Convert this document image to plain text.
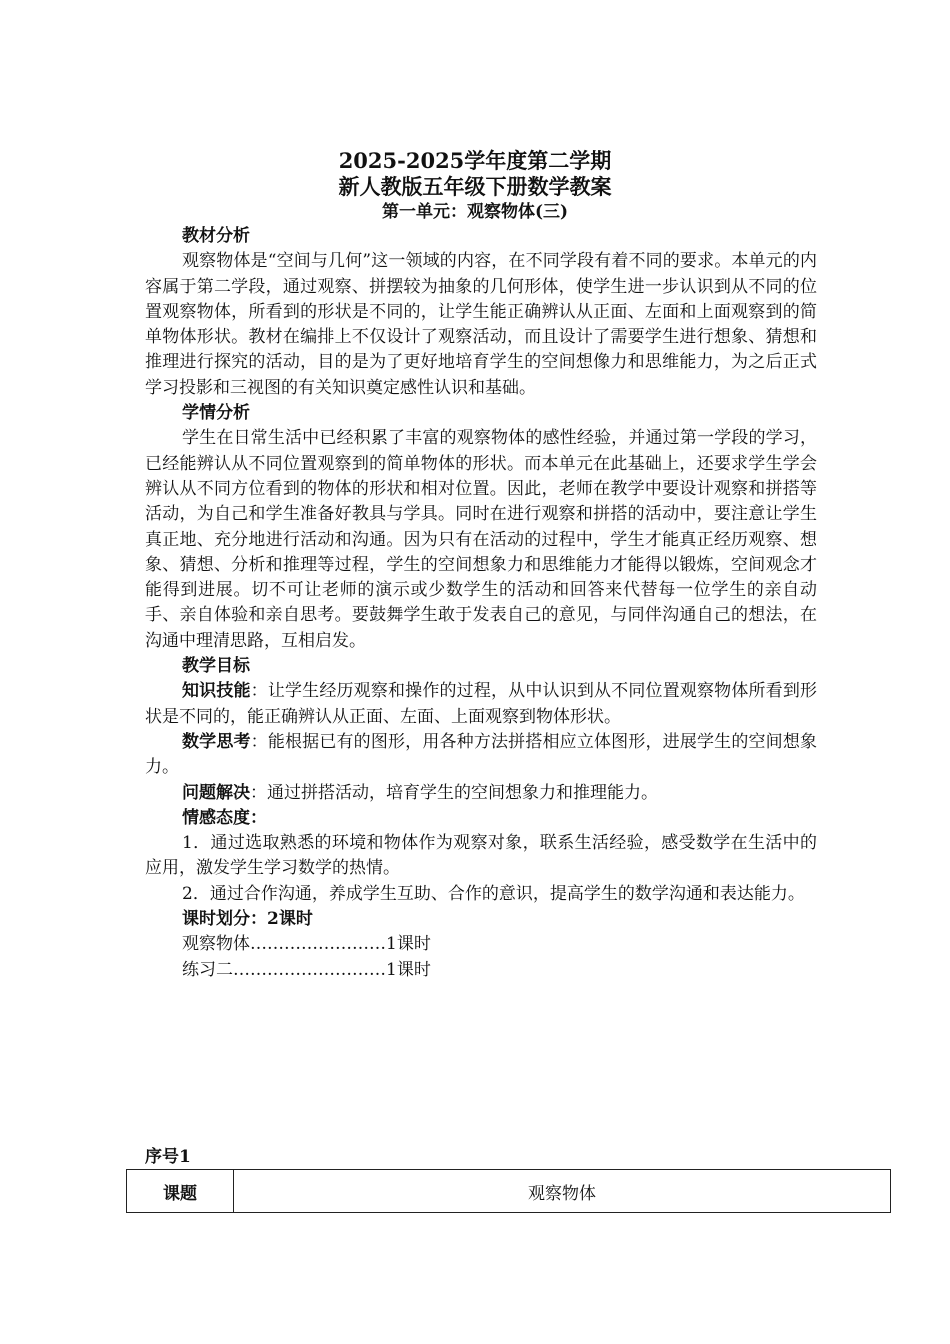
2025-2025学年度第二学期
新人教版五年级下册数学教案
第一单元：观察物体(三)

教材分析

观察物体是“空间与几何”这一领域的内容，在不同学段有着不同的要求。本单元的内容属于第二学段，通过观察、拼摆较为抽象的几何形体，使学生进一步认识到从不同的位置观察物体，所看到的形状是不同的，让学生能正确辨认从正面、左面和上面观察到的简单物体形状。教材在编排上不仅设计了观察活动，而且设计了需要学生进行想象、猜想和推理进行探究的活动，目的是为了更好地培育学生的空间想像力和思维能力，为之后正式学习投影和三视图的有关知识奠定感性认识和基础。

学情分析

学生在日常生活中已经积累了丰富的观察物体的感性经验，并通过第一学段的学习，已经能辨认从不同位置观察到的简单物体的形状。而本单元在此基础上，还要求学生学会辨认从不同方位看到的物体的形状和相对位置。因此，老师在教学中要设计观察和拼搭等活动，为自己和学生准备好教具与学具。同时在进行观察和拼搭的活动中，要注意让学生真正地、充分地进行活动和沟通。因为只有在活动的过程中，学生才能真正经历观察、想象、猜想、分析和推理等过程，学生的空间想象力和思维能力才能得以锻炼，空间观念才能得到进展。切不可让老师的演示或少数学生的活动和回答来代替每一位学生的亲自动手、亲自体验和亲自思考。要鼓舞学生敢于发表自己的意见，与同伴沟通自己的想法，在沟通中理清思路，互相启发。

教学目标

知识技能：让学生经历观察和操作的过程，从中认识到从不同位置观察物体所看到形状是不同的，能正确辨认从正面、左面、上面观察到物体形状。

数学思考：能根据已有的图形，用各种方法拼搭相应立体图形，进展学生的空间想象力。

问题解决：通过拼搭活动，培育学生的空间想象力和推理能力。

情感态度：

1．通过选取熟悉的环境和物体作为观察对象，联系生活经验，感受数学在生活中的应用，激发学生学习数学的热情。

2．通过合作沟通，养成学生互助、合作的意识，提高学生的数学沟通和表达能力。

课时划分：2课时

观察物体……………………1课时

练习二………………………1课时

序号1
课题	观察物体
